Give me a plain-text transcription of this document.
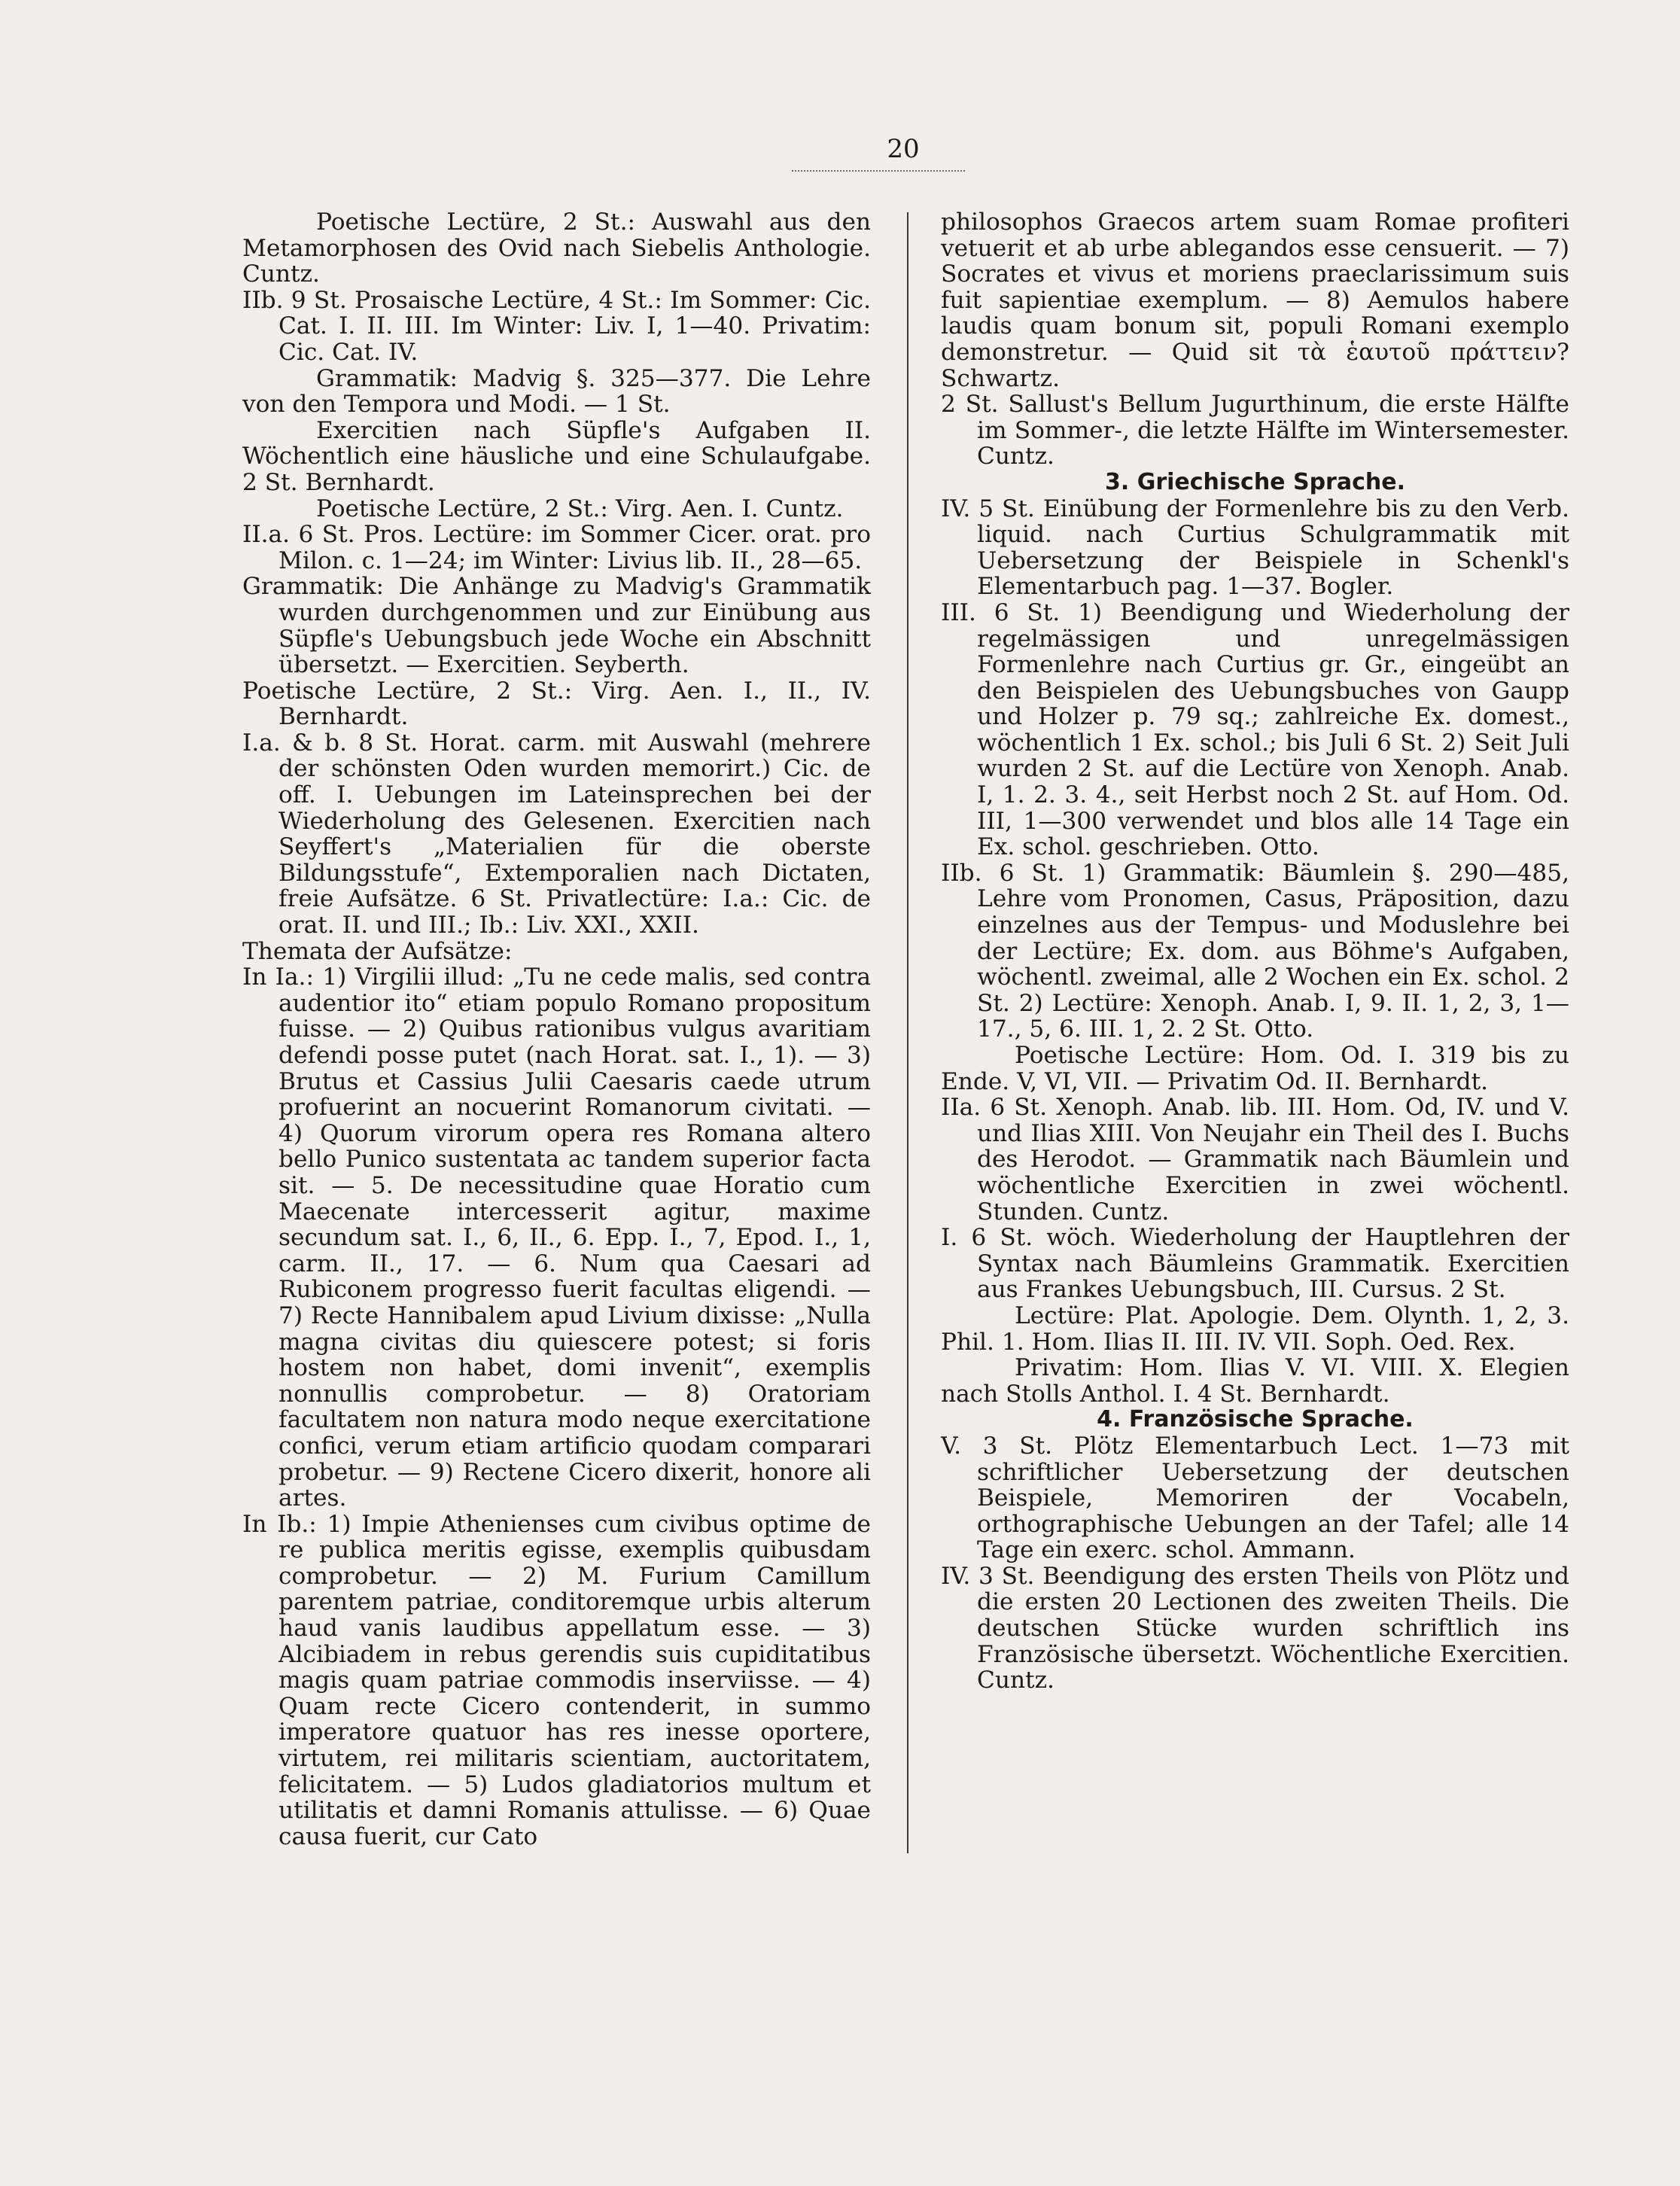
20

Poetische Lectüre, 2 St.: Auswahl aus den Metamorphosen des Ovid nach Siebelis Anthologie. Cuntz.

IIb. 9 St. Prosaische Lectüre, 4 St.: Im Sommer: Cic. Cat. I. II. III. Im Winter: Liv. I, 1—40. Privatim: Cic. Cat. IV.

Grammatik: Madvig §. 325—377. Die Lehre von den Tempora und Modi. — 1 St.

Exercitien nach Süpfle's Aufgaben II. Wöchentlich eine häusliche und eine Schulaufgabe. 2 St. Bernhardt.

Poetische Lectüre, 2 St.: Virg. Aen. I. Cuntz.

II.a. 6 St. Pros. Lectüre: im Sommer Cicer. orat. pro Milon. c. 1—24; im Winter: Livius lib. II., 28—65.

Grammatik: Die Anhänge zu Madvig's Grammatik wurden durchgenommen und zur Einübung aus Süpfle's Uebungsbuch jede Woche ein Abschnitt übersetzt. — Exercitien. Seyberth.

Poetische Lectüre, 2 St.: Virg. Aen. I., II., IV. Bernhardt.

I.a. & b. 8 St. Horat. carm. mit Auswahl (mehrere der schönsten Oden wurden memorirt.) Cic. de off. I. Uebungen im Lateinsprechen bei der Wiederholung des Gelesenen. Exercitien nach Seyffert's „Materialien für die oberste Bildungsstufe“, Extemporalien nach Dictaten, freie Aufsätze. 6 St. Privatlectüre: I.a.: Cic. de orat. II. und III.; Ib.: Liv. XXI., XXII.

Themata der Aufsätze:

In Ia.: 1) Virgilii illud: „Tu ne cede malis, sed contra audentior ito“ etiam populo Romano propositum fuisse. — 2) Quibus rationibus vulgus avaritiam defendi posse putet (nach Horat. sat. I., 1). — 3) Brutus et Cassius Julii Caesaris caede utrum profuerint an nocuerint Romanorum civitati. — 4) Quorum virorum opera res Romana altero bello Punico sustentata ac tandem superior facta sit. — 5. De necessitudine quae Horatio cum Maecenate intercesserit agitur, maxime secundum sat. I., 6, II., 6. Epp. I., 7, Epod. I., 1, carm. II., 17. — 6. Num qua Caesari ad Rubiconem progresso fuerit facultas eligendi. — 7) Recte Hannibalem apud Livium dixisse: „Nulla magna civitas diu quiescere potest; si foris hostem non habet, domi invenit“, exemplis nonnullis comprobetur. — 8) Oratoriam facultatem non natura modo neque exercitatione confici, verum etiam artificio quodam comparari probetur. — 9) Rectene Cicero dixerit, honore ali artes.

In Ib.: 1) Impie Athenienses cum civibus optime de re publica meritis egisse, exemplis quibusdam comprobetur. — 2) M. Furium Camillum parentem patriae, conditoremque urbis alterum haud vanis laudibus appellatum esse. — 3) Alcibiadem in rebus gerendis suis cupiditatibus magis quam patriae commodis inserviisse. — 4) Quam recte Cicero contenderit, in summo imperatore quatuor has res inesse oportere, virtutem, rei militaris scientiam, auctoritatem, felicitatem. — 5) Ludos gladiatorios multum et utilitatis et damni Romanis attulisse. — 6) Quae causa fuerit, cur Cato

philosophos Graecos artem suam Romae profiteri vetuerit et ab urbe ablegandos esse censuerit. — 7) Socrates et vivus et moriens praeclarissimum suis fuit sapientiae exemplum. — 8) Aemulos habere laudis quam bonum sit, populi Romani exemplo demonstretur. — Quid sit τὰ ἑαυτοῦ πράττειν? Schwartz.

2 St. Sallust's Bellum Jugurthinum, die erste Hälfte im Sommer-, die letzte Hälfte im Wintersemester. Cuntz.

3. Griechische Sprache.

IV. 5 St. Einübung der Formenlehre bis zu den Verb. liquid. nach Curtius Schulgrammatik mit Uebersetzung der Beispiele in Schenkl's Elementarbuch pag. 1—37. Bogler.

III. 6 St. 1) Beendigung und Wiederholung der regelmässigen und unregelmässigen Formenlehre nach Curtius gr. Gr., eingeübt an den Beispielen des Uebungsbuches von Gaupp und Holzer p. 79 sq.; zahlreiche Ex. domest., wöchentlich 1 Ex. schol.; bis Juli 6 St. 2) Seit Juli wurden 2 St. auf die Lectüre von Xenoph. Anab. I, 1. 2. 3. 4., seit Herbst noch 2 St. auf Hom. Od. III, 1—300 verwendet und blos alle 14 Tage ein Ex. schol. geschrieben. Otto.

IIb. 6 St. 1) Grammatik: Bäumlein §. 290—485, Lehre vom Pronomen, Casus, Präposition, dazu einzelnes aus der Tempus- und Moduslehre bei der Lectüre; Ex. dom. aus Böhme's Aufgaben, wöchentl. zweimal, alle 2 Wochen ein Ex. schol. 2 St. 2) Lectüre: Xenoph. Anab. I, 9. II. 1, 2, 3, 1—17., 5, 6. III. 1, 2. 2 St. Otto.

Poetische Lectüre: Hom. Od. I. 319 bis zu Ende. V, VI, VII. — Privatim Od. II. Bernhardt.

IIa. 6 St. Xenoph. Anab. lib. III. Hom. Od, IV. und V. und Ilias XIII. Von Neujahr ein Theil des I. Buchs des Herodot. — Grammatik nach Bäumlein und wöchentliche Exercitien in zwei wöchentl. Stunden. Cuntz.

I. 6 St. wöch. Wiederholung der Hauptlehren der Syntax nach Bäumleins Grammatik. Exercitien aus Frankes Uebungsbuch, III. Cursus. 2 St.

Lectüre: Plat. Apologie. Dem. Olynth. 1, 2, 3. Phil. 1. Hom. Ilias II. III. IV. VII. Soph. Oed. Rex.

Privatim: Hom. Ilias V. VI. VIII. X. Elegien nach Stolls Anthol. I. 4 St. Bernhardt.

4. Französische Sprache.

V. 3 St. Plötz Elementarbuch Lect. 1—73 mit schriftlicher Uebersetzung der deutschen Beispiele, Memoriren der Vocabeln, orthographische Uebungen an der Tafel; alle 14 Tage ein exerc. schol. Ammann.

IV. 3 St. Beendigung des ersten Theils von Plötz und die ersten 20 Lectionen des zweiten Theils. Die deutschen Stücke wurden schriftlich ins Französische übersetzt. Wöchentliche Exercitien. Cuntz.
